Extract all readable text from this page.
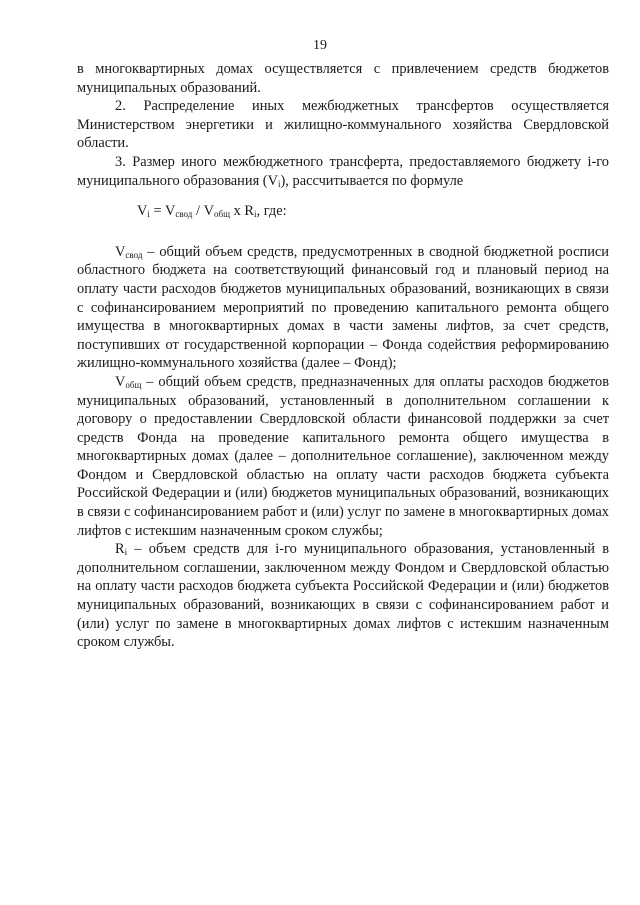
19

в многоквартирных домах осуществляется с привлечением средств бюджетов муниципальных образований.

2. Распределение иных межбюджетных трансфертов осуществляется Министерством энергетики и жилищно-коммунального хозяйства Свердловской области.

3. Размер иного межбюджетного трансферта, предоставляемого бюджету i-го муниципального образования $(V_i)$, рассчитывается по формуле

$V_i = V_{свод} / V_{общ}$ x $R_i$, где:

$V_{свод}$ – общий объем средств, предусмотренных в сводной бюджетной росписи областного бюджета на соответствующий финансовый год и плановый период на оплату части расходов бюджетов муниципальных образований, возникающих в связи с софинансированием мероприятий по проведению капитального ремонта общего имущества в многоквартирных домах в части замены лифтов, за счет средств, поступивших от государственной корпорации – Фонда содействия реформированию жилищно-коммунального хозяйства (далее – Фонд);

$V_{общ}$ – общий объем средств, предназначенных для оплаты расходов бюджетов муниципальных образований, установленный в дополнительном соглашении к договору о предоставлении Свердловской области финансовой поддержки за счет средств Фонда на проведение капитального ремонта общего имущества в многоквартирных домах (далее – дополнительное соглашение), заключенном между Фондом и Свердловской областью на оплату части расходов бюджета субъекта Российской Федерации и (или) бюджетов муниципальных образований, возникающих в связи с софинансированием работ и (или) услуг по замене в многоквартирных домах лифтов с истекшим назначенным сроком службы;

$R_i$ – объем средств для i-го муниципального образования, установленный в дополнительном соглашении, заключенном между Фондом и Свердловской областью на оплату части расходов бюджета субъекта Российской Федерации и (или) бюджетов муниципальных образований, возникающих в связи с софинансированием работ и (или) услуг по замене в многоквартирных домах лифтов с истекшим назначенным сроком службы.
